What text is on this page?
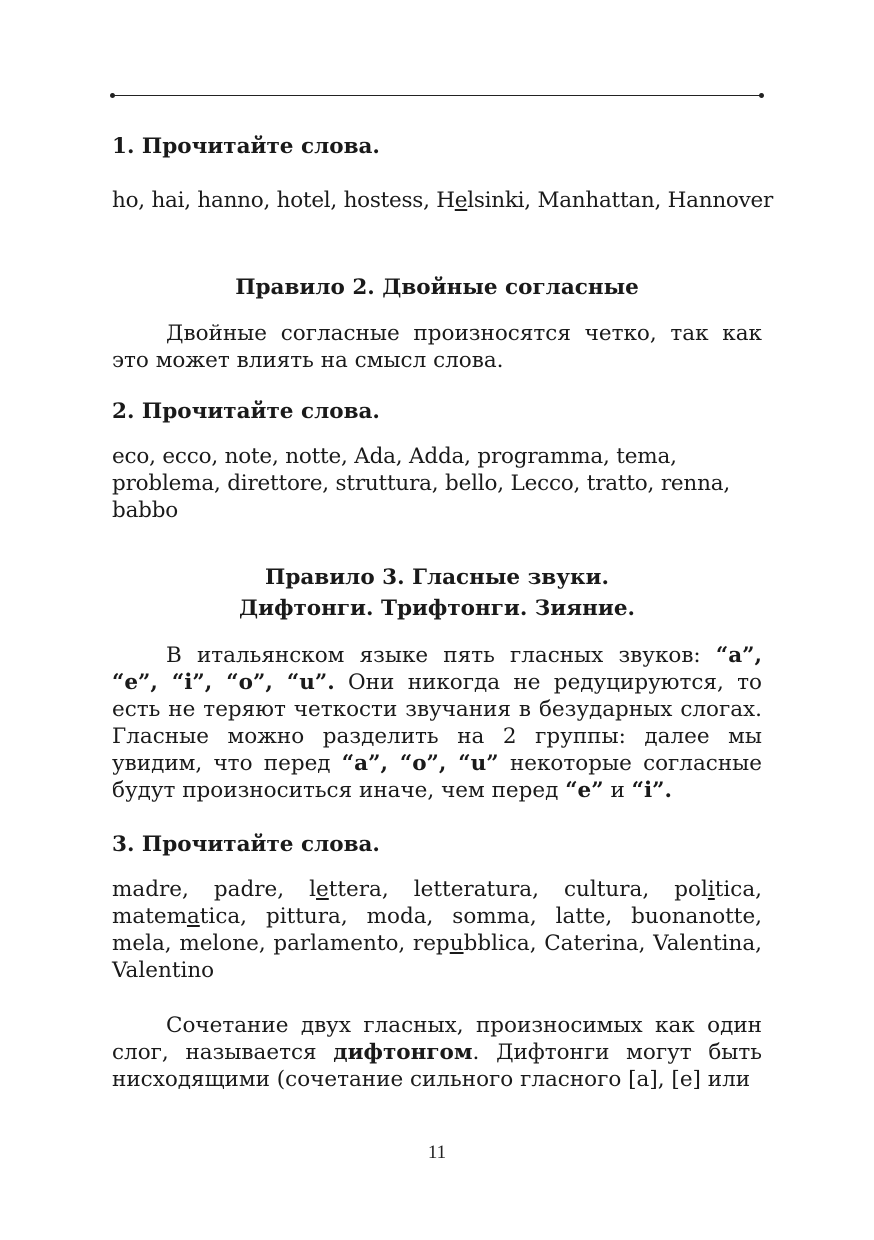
1. Прочитайте слова.

ho, hai, hanno, hotel, hostess, Helsinki, Manhattan, Hannover

Правило 2. Двойные согласные

Двойные согласные произносятся четко, так как это может влиять на смысл слова.

2. Прочитайте слова.

eco, ecco, note, notte, Ada, Adda, programma, tema, problema, direttore, struttura, bello, Lecco, tratto, renna, babbo

Правило 3. Гласные звуки.

Дифтонги. Трифтонги. Зияние.

В итальянском языке пять гласных звуков: “a”, “e”, “i”, “o”, “u”. Они никогда не редуцируются, то есть не теряют четкости звучания в безударных слогах. Гласные можно разделить на 2 группы: далее мы увидим, что перед “a”, “o”, “u” некоторые согласные будут произноситься иначе, чем перед “e” и “i”.

3. Прочитайте слова.

madre, padre, lettera, letteratura, cultura, politica, matematica, pittura, moda, somma, latte, buonanotte, mela, melone, parlamento, repubblica, Caterina, Valentina, Valentino

Сочетание двух гласных, произносимых как один слог, называется дифтонгом. Дифтонги могут быть нисходящими (сочетание сильного гласного [a], [e] или

11
